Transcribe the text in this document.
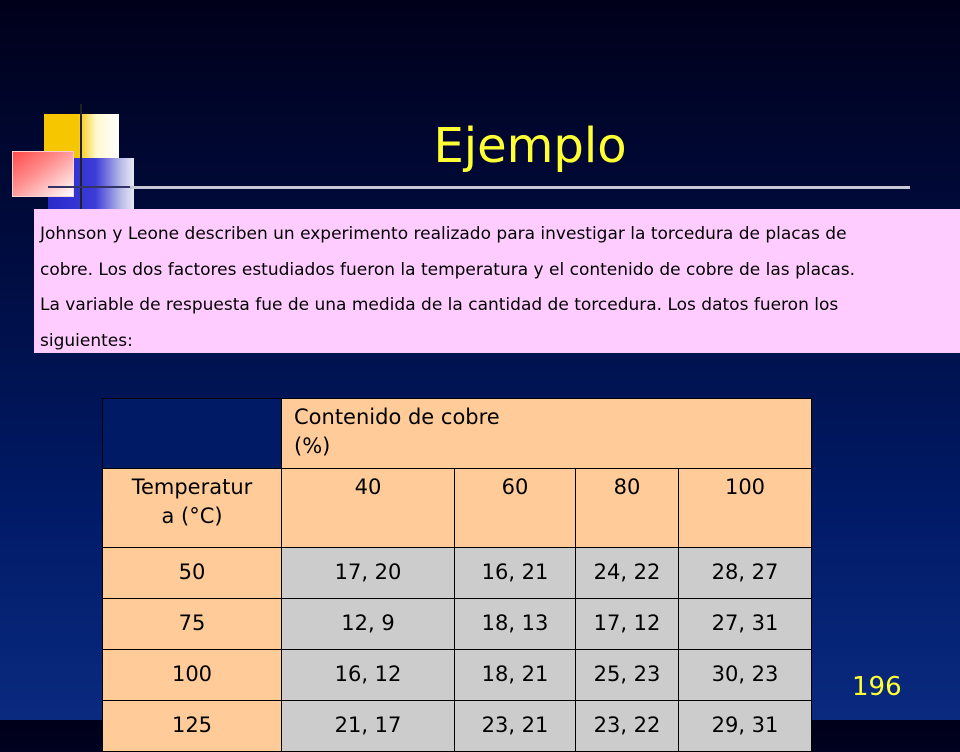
Ejemplo
Johnson y Leone describen un experimento realizado para investigar la torcedura de placas de
cobre. Los dos factores estudiados fueron la temperatura y el contenido de cobre de las placas.
La variable de respuesta fue de una medida de la cantidad de torcedura. Los datos fueron los
siguientes:

	Contenido de cobre
(%)			

Temperatur
a (°C)	40	60	80	100

50	17, 20	16, 21	24, 22	28, 27

75	12, 9	18, 13	17, 12	27, 31

100	16, 12	18, 21	25, 23	30, 23

125	21, 17	23, 21	23, 22	29, 31
196
